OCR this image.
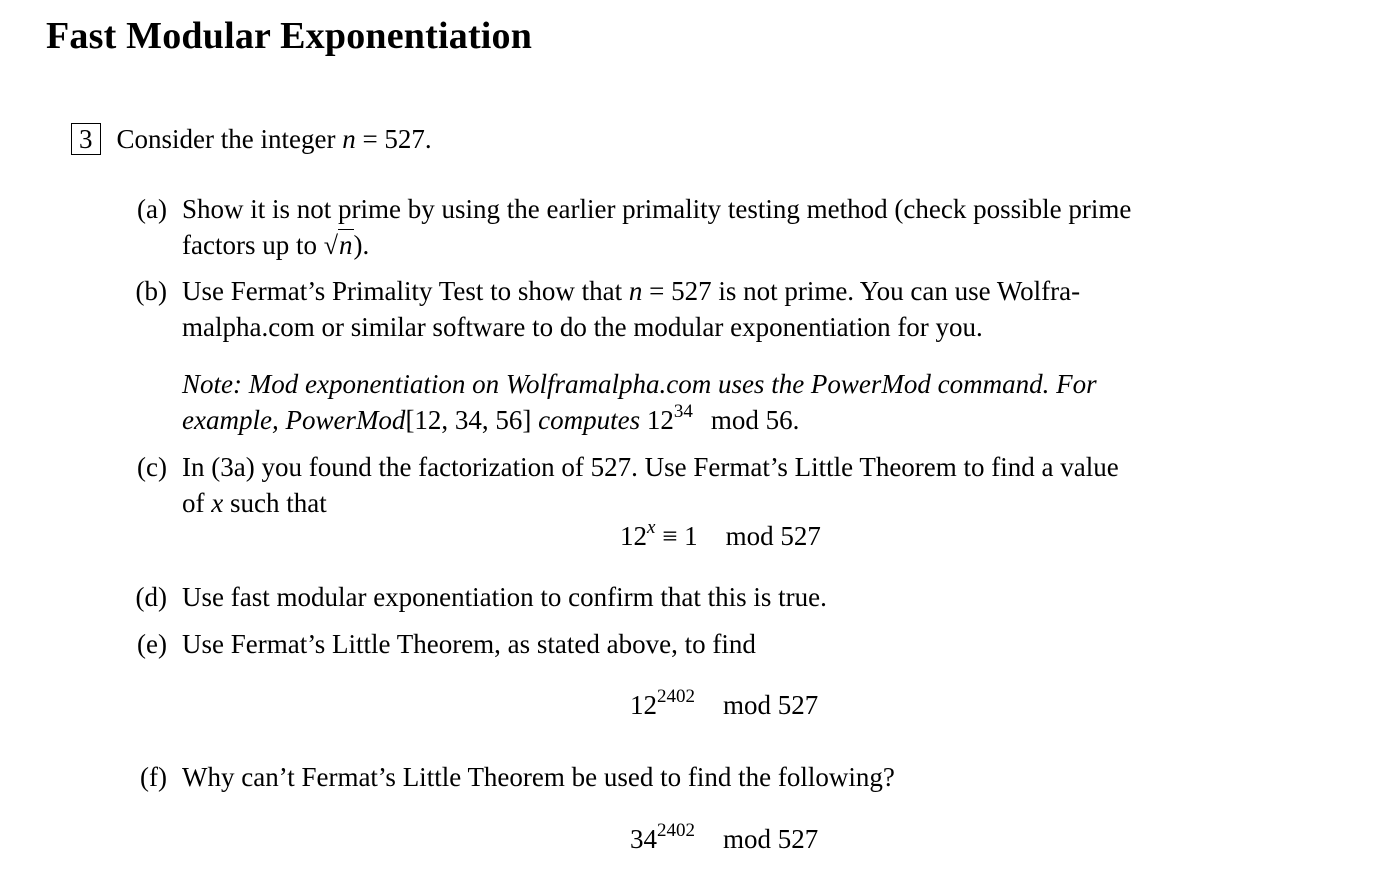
Fast Modular Exponentiation
3 Consider the integer n = 527.
(a) Show it is not prime by using the earlier primality testing method (check possible prime
factors up to √n).
(b) Use Fermat’s Primality Test to show that n = 527 is not prime. You can use Wolfra-
malpha.com or similar software to do the modular exponentiation for you.
Note: Mod exponentiation on Wolframalpha.com uses the PowerMod command. For
example, PowerMod[12, 34, 56] computes $12^{34}$ mod 56.
(c) In (3a) you found the factorization of 527. Use Fermat’s Little Theorem to find a value
of x such that
$12^x \equiv 1$ mod 527
(d) Use fast modular exponentiation to confirm that this is true.
(e) Use Fermat’s Little Theorem, as stated above, to find
$12^{2402}$ mod 527
(f) Why can’t Fermat’s Little Theorem be used to find the following?
$34^{2402}$ mod 527
